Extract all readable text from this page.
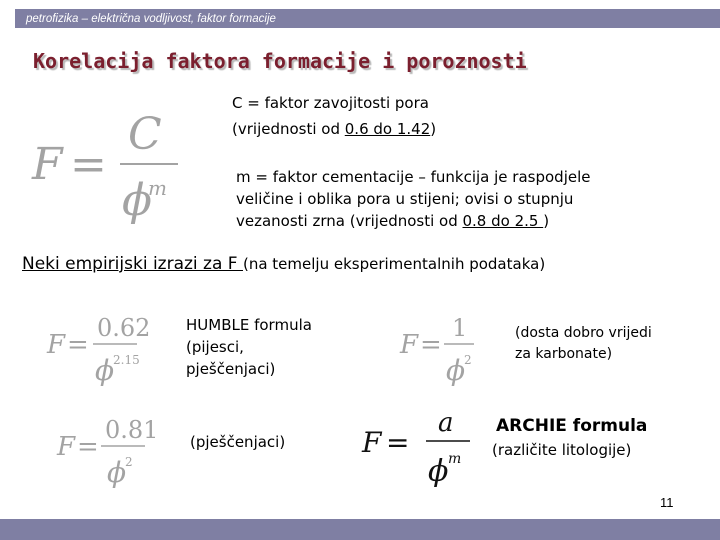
petrofizika – električna vodljivost, faktor formacije
Korelacija faktora formacije i poroznosti
F =
C
ϕ
m
C = faktor zavojitosti pora
(vrijednosti od 0.6 do 1.42)
m = faktor cementacije – funkcija je raspodjele
veličine i oblika pora u stijeni; ovisi o stupnju
vezanosti zrna (vrijednosti od 0.8 do 2.5 )
Neki empirijski izrazi za F (na temelju eksperimentalnih podataka)
F =
0.62
ϕ
2.15
HUMBLE formula
(pijesci,
pješčenjaci)
F =
1
ϕ
2
(dosta dobro vrijedi
za karbonate)
F =
0.81
ϕ
2
(pješčenjaci)	F =
a
ϕ m
ARCHIE formula
(različite litologije)
11
